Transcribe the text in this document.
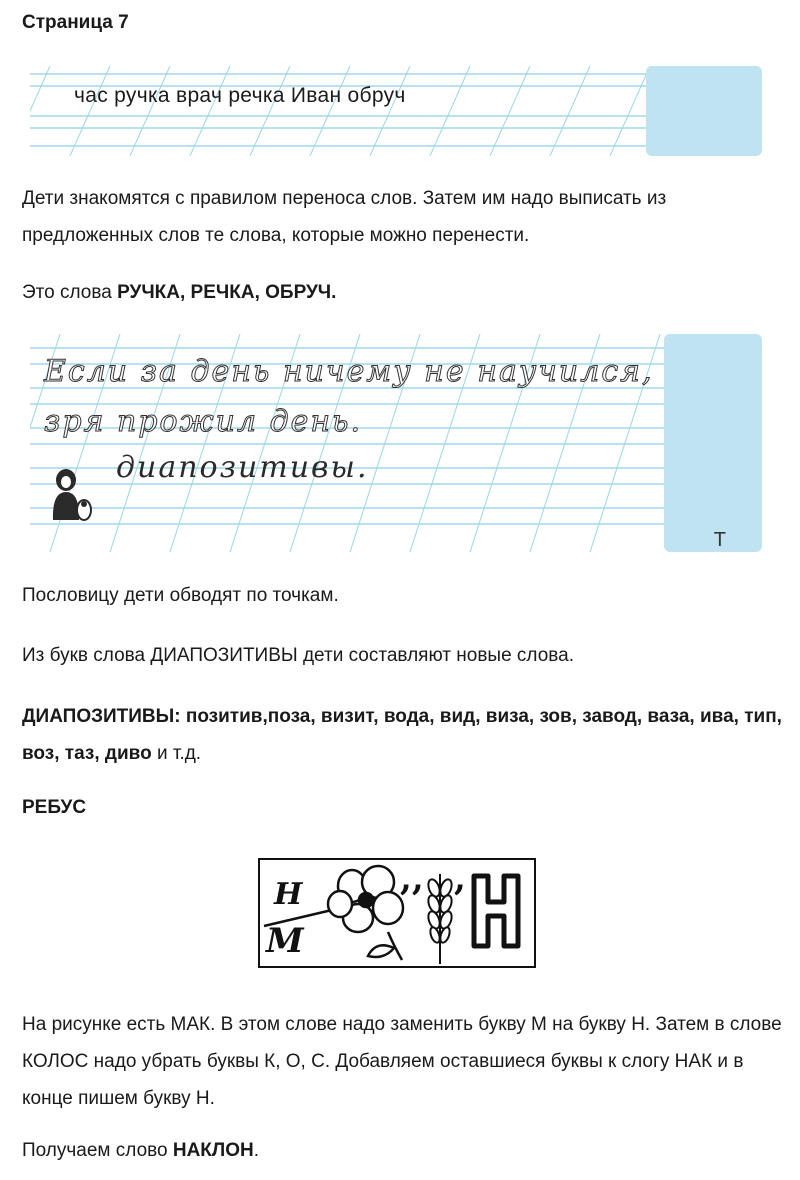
Страница 7
час ручка врач речка Иван обруч

Дети знакомятся с правилом переноса слов. Затем им надо выписать из предложенных слов те слова, которые можно перенести.

Это слова РУЧКА, РЕЧКА, ОБРУЧ.

Если за день ничему не научился,
зря прожил день.
диапозитивы.
Т

Пословицу дети обводят по точкам.

Из букв слова ДИАПОЗИТИВЫ дети составляют новые слова.

ДИАПОЗИТИВЫ: позитив,поза, визит, вода, вид, виза, зов, завод, ваза, ива, тип, воз, таз, диво и т.д.

РЕБУС

Н
М
,, ,

На рисунке есть МАК. В этом слове надо заменить букву М на букву Н. Затем в слове КОЛОС надо убрать буквы К, О, С. Добавляем оставшиеся буквы к слогу НАК и в конце пишем букву Н.

Получаем слово НАКЛОН.
